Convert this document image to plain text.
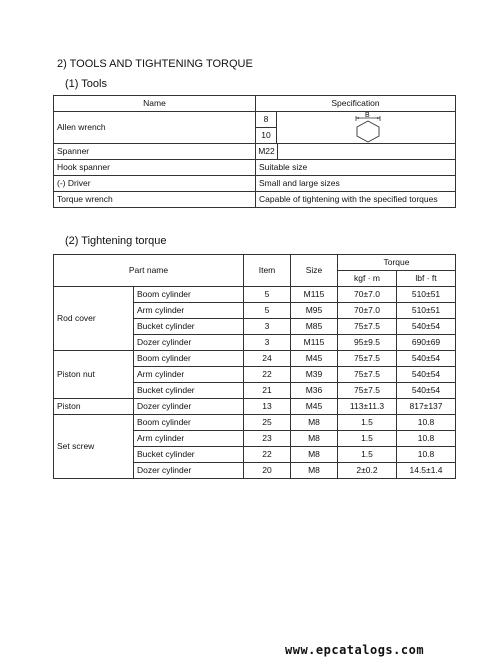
2) TOOLS AND TIGHTENING TORQUE
(1) Tools
Name	Specification
Allen wrench	8
10
B

Spanner	M22
Hook spanner	Suitable size
(-) Driver	Small and large sizes
Torque wrench	Capable of tightening with the specified torques
(2) Tightening torque
Part name		Item	Size	Torque	
				kgf · m	lbf · ft
Rod cover	Boom cylinder	5	M115	70±7.0	510±51
	Arm cylinder	5	M95	70±7.0	510±51
	Bucket cylinder	3	M85	75±7.5	540±54
	Dozer cylinder	3	M115	95±9.5	690±69
Piston nut	Boom cylinder	24	M45	75±7.5	540±54
	Arm cylinder	22	M39	75±7.5	540±54
	Bucket cylinder	21	M36	75±7.5	540±54
Piston	Dozer cylinder	13	M45	113±11.3	817±137
Set screw	Boom cylinder	25	M8	1.5	10.8
	Arm cylinder	23	M8	1.5	10.8
	Bucket cylinder	22	M8	1.5	10.8
	Dozer cylinder	20	M8	2±0.2	14.5±1.4
www.epcatalogs.com
